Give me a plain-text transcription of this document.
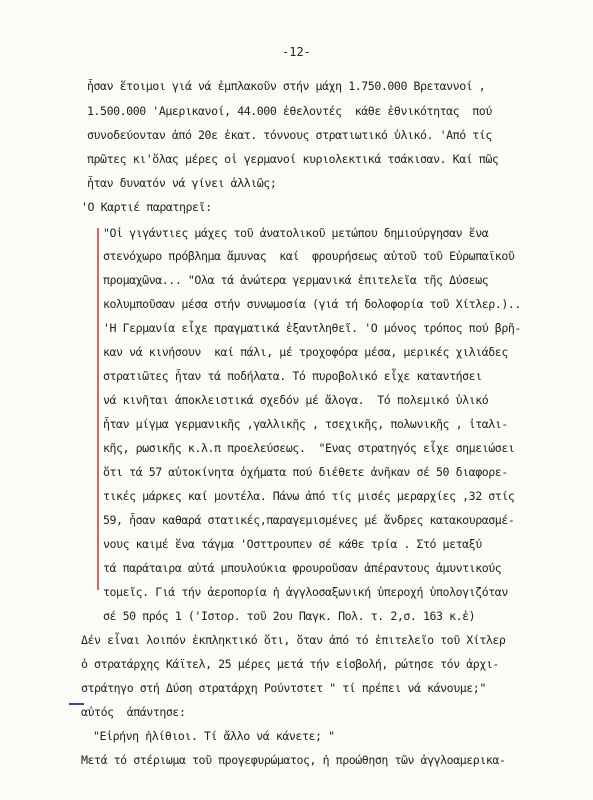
-12-
ἦσαν ἕτοιμοι γιά νά ἐμπλακοῦν στήν μάχη 1.750.000 Βρεταννοί ,
1.500.000 'Αμερικανοί, 44.000 ἐθελοντές  κάθε ἐθνικότητας  πού
συνοδεύονταν ἀπό 20ε ἑκατ. τόννους στρατιωτικό ὑλικό. 'Από τίς
πρῶτες κι'ὅλας μέρες οἱ γερμανοί κυριολεκτικά τσάκισαν. Καί πῶς
ἦταν δυνατόν νά γίνει ἀλλιῶς;
'Ο Καρτιέ παρατηρεῖ:
"Οἱ γιγάντιες μάχες τοῦ ἀνατολικοῦ μετώπου δημιούργησαν ἕνα
στενόχωρο πρόβλημα ἄμυνας  καί  φρουρήσεως αὐτοῦ τοῦ Εὐρωπαϊκοῦ
προμαχῶνα... "Ολα τά ἀνώτερα γερμανικά ἐπιτελεῖα τῆς Δύσεως
κολυμποῦσαν μέσα στήν συνωμοσία (γιά τή δολοφορία τοῦ Χίτλερ.)..
'Η Γερμανία εἶχε πραγματικά ἐξαντληθεῖ. 'Ο μόνος τρόπος πού βρῆ-
καν νά κινήσουν  καί πάλι, μέ τροχοφόρα μέσα, μερικές χιλιάδες
στρατιῶτες ἦταν τά ποδήλατα. Τό πυροβολικό εἶχε καταντήσει
νά κινῆται ἀποκλειστικά σχεδόν μέ ἄλογα.  Τό πολεμικό ὑλικό
ἦταν μίγμα γερμανικῆς ,γαλλικῆς , τσεχικῆς, πολωνικῆς , ἰταλι-
κῆς, ρωσικῆς κ.λ.π προελεύσεως.  "Ενας στρατηγός εἶχε σημειώσει
ὅτι τά 57 αὐτοκίνητα ὀχήματα πού διέθετε ἀνῆκαν σέ 50 διαφορε-
τικές μάρκες καί μοντέλα. Πάνω ἀπό τίς μισές μεραρχίες ,32 στίς
59, ἦσαν καθαρά στατικές,παραγεμισμένες μέ ἄνδρες κατακουρασμέ-
νους καιμέ ἕνα τάγμα 'Οσττρουπεν σέ κάθε τρία . Στό μεταξύ
τά παράταιρα αὐτά μπουλούκια φρουροῦσαν ἀπέραντους ἀμυντικούς
τομεῖς. Γιά τήν ἀεροπορία ἡ ἀγγλοσαξωνική ὑπεροχή ὑπολογιζόταν
σέ 50 πρός 1 ('Ιστορ. τοῦ 2ου Παγκ. Πολ. τ. 2,σ. 163 κ.ἑ)
Δέν εἶναι λοιπόν ἐκπληκτικό ὅτι, ὅταν ἀπό τό ἐπιτελεῖο τοῦ Χίτλερ
ὁ στρατάρχης Κάϊτελ, 25 μέρες μετά τήν εἰσβολή, ρώτησε τόν ἀρχι-
στράτηγο στή Δύση στρατάρχη Ρούντστετ " τί πρέπει νά κάνουμε;"
αὐτός  ἀπάντησε:
"Εἰρήνη ἠλίθιοι. Τί ἄλλο νά κάνετε; "
Μετά τό στέριωμα τοῦ προγεφυρώματος, ἡ προώθηση τῶν ἀγγλοαμερικα-
